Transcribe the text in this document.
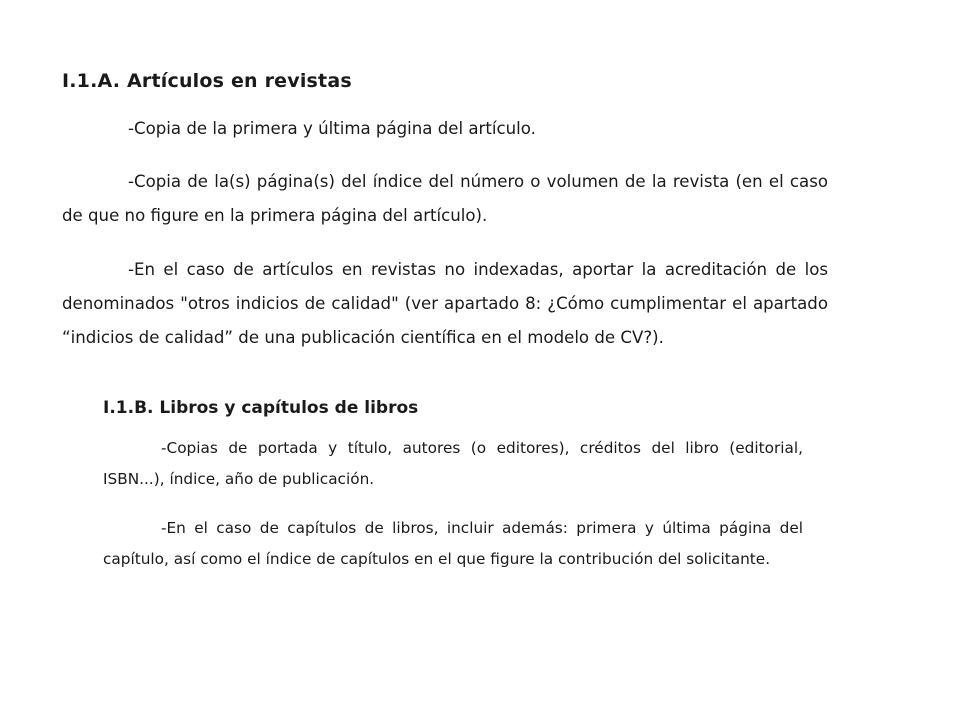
I.1.A. Artículos en revistas

-Copia de la primera y última página del artículo.

-Copia de la(s) página(s) del índice del número o volumen de la revista (en el caso de que no figure en la primera página del artículo).

-En el caso de artículos en revistas no indexadas, aportar la acreditación de los denominados "otros indicios de calidad" (ver apartado 8: ¿Cómo cumplimentar el apartado “indicios de calidad” de una publicación científica en el modelo de CV?).

I.1.B. Libros y capítulos de libros

-Copias de portada y título, autores (o editores), créditos del libro (editorial, ISBN...), índice, año de publicación.

-En el caso de capítulos de libros, incluir además: primera y última página del capítulo, así como el índice de capítulos en el que figure la contribución del solicitante.
